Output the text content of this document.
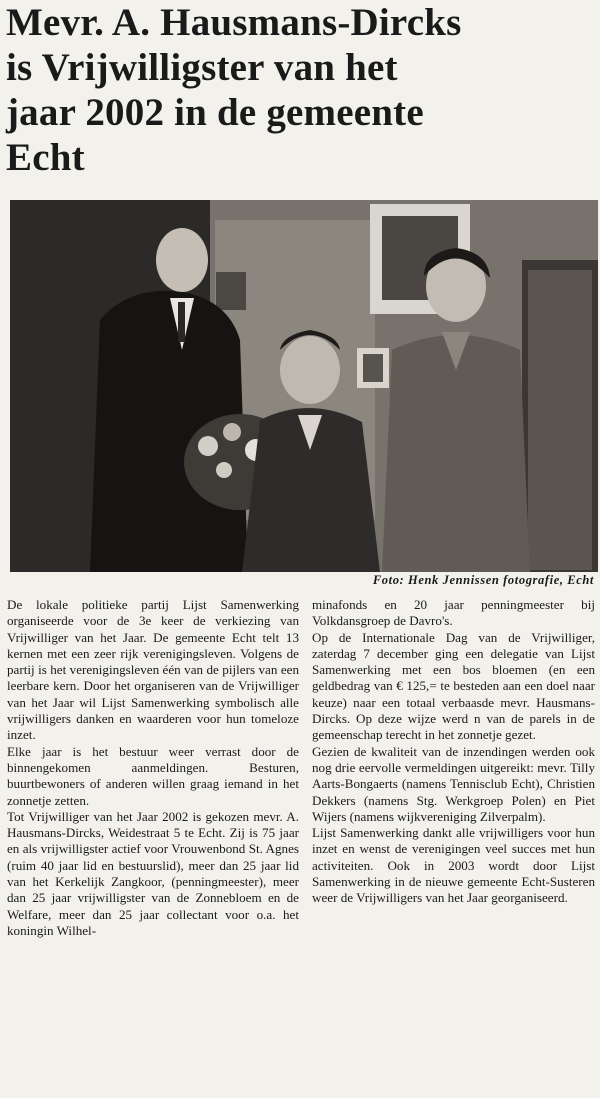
Mevr. A. Hausmans-Dircks
is Vrijwilligster van het
jaar 2002 in de gemeente
Echt
Foto: Henk Jennissen fotografie, Echt

De lokale politieke partij Lijst Samenwerking organiseerde voor de 3e keer de verkiezing van Vrijwilliger van het Jaar. De gemeente Echt telt 13 kernen met een zeer rijk verenigingsleven. Volgens de partij is het verenigingsleven één van de pijlers van een leerbare kern. Door het organiseren van de Vrijwilliger van het Jaar wil Lijst Samenwerking symbolisch alle vrijwilligers danken en waarderen voor hun tomeloze inzet.

Elke jaar is het bestuur weer verrast door de binnengekomen aanmeldingen. Besturen, buurtbewoners of anderen willen graag iemand in het zonnetje zetten.

Tot Vrijwilliger van het Jaar 2002 is gekozen mevr. A. Hausmans-Dircks, Weidestraat 5 te Echt. Zij is 75 jaar en als vrijwilligster actief voor Vrouwenbond St. Agnes (ruim 40 jaar lid en bestuurslid), meer dan 25 jaar lid van het Kerkelijk Zangkoor, (penningmeester), meer dan 25 jaar vrijwilligster van de Zonnebloem en de Welfare, meer dan 25 jaar collectant voor o.a. het koningin Wilhel-

minafonds en 20 jaar penningmeester bij Volkdansgroep de Davro's.

Op de Internationale Dag van de Vrijwilliger, zaterdag 7 december ging een delegatie van Lijst Samenwerking met een bos bloemen (en een geldbedrag van € 125,= te besteden aan een doel naar keuze) naar een totaal verbaasde mevr. Hausmans-Dircks. Op deze wijze werd n van de parels in de gemeenschap terecht in het zonnetje gezet.

Gezien de kwaliteit van de inzendingen werden ook nog drie eervolle vermeldingen uitgereikt: mevr. Tilly Aarts-Bongaerts (namens Tennisclub Echt), Christien Dekkers (namens Stg. Werkgroep Polen) en Piet Wijers (namens wijkvereniging Zilverpalm).

Lijst Samenwerking dankt alle vrijwilligers voor hun inzet en wenst de verenigingen veel succes met hun activiteiten. Ook in 2003 wordt door Lijst Samenwerking in de nieuwe gemeente Echt-Susteren weer de Vrijwilligers van het Jaar georganiseerd.
